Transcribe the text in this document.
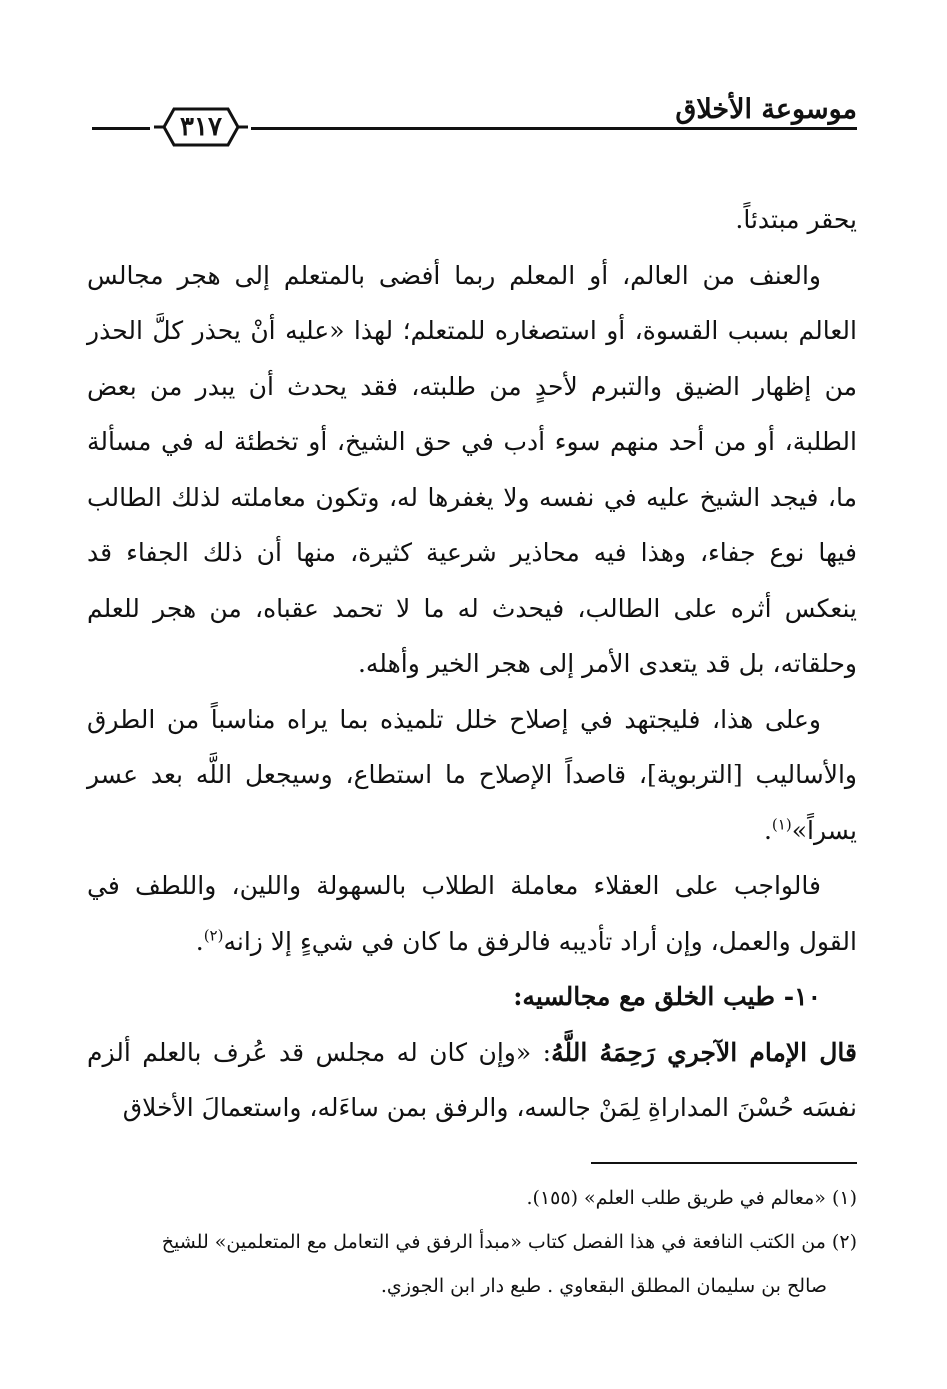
موسوعة الأخلاق
٣١٧

يحقر مبتدئاً.

والعنف من العالم، أو المعلم ربما أفضى بالمتعلم إلى هجر مجالس العالم بسبب القسوة، أو استصغاره للمتعلم؛ لهذا «عليه أنْ يحذر كلَّ الحذر من إظهار الضيق والتبرم لأحدٍ من طلبته، فقد يحدث أن يبدر من بعض الطلبة، أو من أحد منهم سوء أدب في حق الشيخ، أو تخطئة له في مسألة ما، فيجد الشيخ عليه في نفسه ولا يغفرها له، وتكون معاملته لذلك الطالب فيها نوع جفاء، وهذا فيه محاذير شرعية كثيرة، منها أن ذلك الجفاء قد ينعكس أثره على الطالب، فيحدث له ما لا تحمد عقباه، من هجر للعلم وحلقاته، بل قد يتعدى الأمر إلى هجر الخير وأهله.

وعلى هذا، فليجتهد في إصلاح خلل تلميذه بما يراه مناسباً من الطرق والأساليب [التربوية]، قاصداً الإصلاح ما استطاع، وسيجعل اللَّه بعد عسر يسراً»$^{(١)}$.

فالواجب على العقلاء معاملة الطلاب بالسهولة واللين، واللطف في القول والعمل، وإن أراد تأديبه فالرفق ما كان في شيءٍ إلا زانه$^{(٢)}$.

١٠- طيب الخلق مع مجالسيه:

قال الإمام الآجري رَحِمَهُ اللَّهُ: «وإن كان له مجلس قد عُرف بالعلم ألزم نفسَه حُسْنَ المداراةِ لِمَنْ جالسه، والرفق بمن ساءَله، واستعمالَ الأخلاق

(١) «معالم في طريق طلب العلم» (١٥٥).

(٢) من الكتب النافعة في هذا الفصل كتاب «مبدأ الرفق في التعامل مع المتعلمين» للشيخ

صالح بن سليمان المطلق البقعاوي . طبع دار ابن الجوزي.
